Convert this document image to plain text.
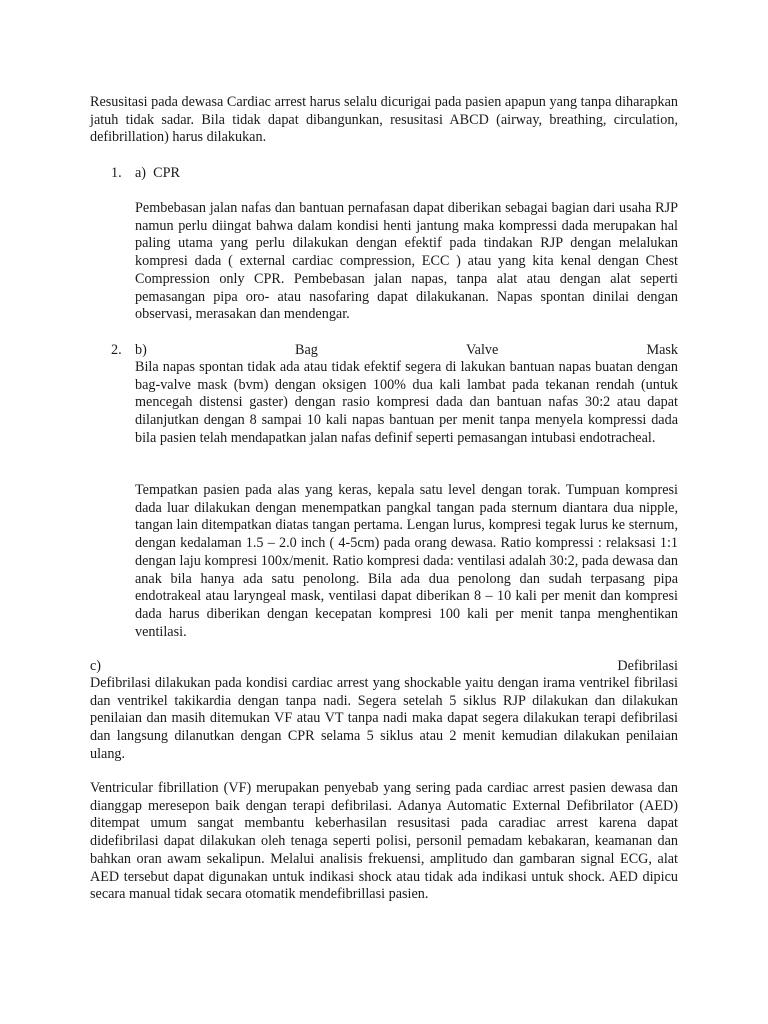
Resusitasi pada dewasa Cardiac arrest harus selalu dicurigai pada pasien apapun yang tanpa diharapkan jatuh tidak sadar. Bila tidak dapat dibangunkan, resusitasi ABCD (airway, breathing, circulation, defibrillation) harus dilakukan.

1. a) CPR

Pembebasan jalan nafas dan bantuan pernafasan dapat diberikan sebagai bagian dari usaha RJP namun perlu diingat bahwa dalam kondisi henti jantung maka kompressi dada merupakan hal paling utama yang perlu dilakukan dengan efektif pada tindakan RJP dengan melalukan kompresi dada ( external cardiac compression, ECC ) atau yang kita kenal dengan Chest Compression only CPR. Pembebasan jalan napas, tanpa alat atau dengan alat seperti pemasangan pipa oro- atau nasofaring dapat dilakukanan. Napas spontan dinilai dengan observasi, merasakan dan mendengar.

2. b)	Bag	Valve	Mask

Bila napas spontan tidak ada atau tidak efektif segera di lakukan bantuan napas buatan dengan bag-valve mask (bvm) dengan oksigen 100% dua kali lambat pada tekanan rendah (untuk mencegah distensi gaster) dengan rasio kompresi dada dan bantuan nafas 30:2 atau dapat dilanjutkan dengan 8 sampai 10 kali napas bantuan per menit tanpa menyela kompressi dada bila pasien telah mendapatkan jalan nafas definif seperti pemasangan intubasi endotracheal.

Tempatkan pasien pada alas yang keras, kepala satu level dengan torak. Tumpuan kompresi dada luar dilakukan dengan menempatkan pangkal tangan pada sternum diantara dua nipple, tangan lain ditempatkan diatas tangan pertama. Lengan lurus, kompresi tegak lurus ke sternum, dengan kedalaman 1.5 – 2.0 inch ( 4-5cm) pada orang dewasa. Ratio kompressi : relaksasi 1:1 dengan laju kompresi 100x/menit. Ratio kompresi dada: ventilasi adalah 30:2, pada dewasa dan anak bila hanya ada satu penolong. Bila ada dua penolong dan sudah terpasang pipa endotrakeal atau laryngeal mask, ventilasi dapat diberikan 8 – 10 kali per menit dan kompresi dada harus diberikan dengan kecepatan kompresi 100 kali per menit tanpa menghentikan ventilasi.

c)	Defibrilasi

Defibrilasi dilakukan pada kondisi cardiac arrest yang shockable yaitu dengan irama ventrikel fibrilasi dan ventrikel takikardia dengan tanpa nadi. Segera setelah 5 siklus RJP dilakukan dan dilakukan penilaian dan masih ditemukan VF atau VT tanpa nadi maka dapat segera dilakukan terapi defibrilasi dan langsung dilanutkan dengan CPR selama 5 siklus atau 2 menit kemudian dilakukan penilaian ulang.

Ventricular fibrillation (VF) merupakan penyebab yang sering pada cardiac arrest pasien dewasa dan dianggap meresepon baik dengan terapi defibrilasi. Adanya Automatic External Defibrilator (AED) ditempat umum sangat membantu keberhasilan resusitasi pada caradiac arrest karena dapat didefibrilasi dapat dilakukan oleh tenaga seperti polisi, personil pemadam kebakaran, keamanan dan bahkan oran awam sekalipun. Melalui analisis frekuensi, amplitudo dan gambaran signal ECG, alat AED tersebut dapat digunakan untuk indikasi shock atau tidak ada indikasi untuk shock. AED dipicu secara manual tidak secara otomatik mendefibrillasi pasien.
